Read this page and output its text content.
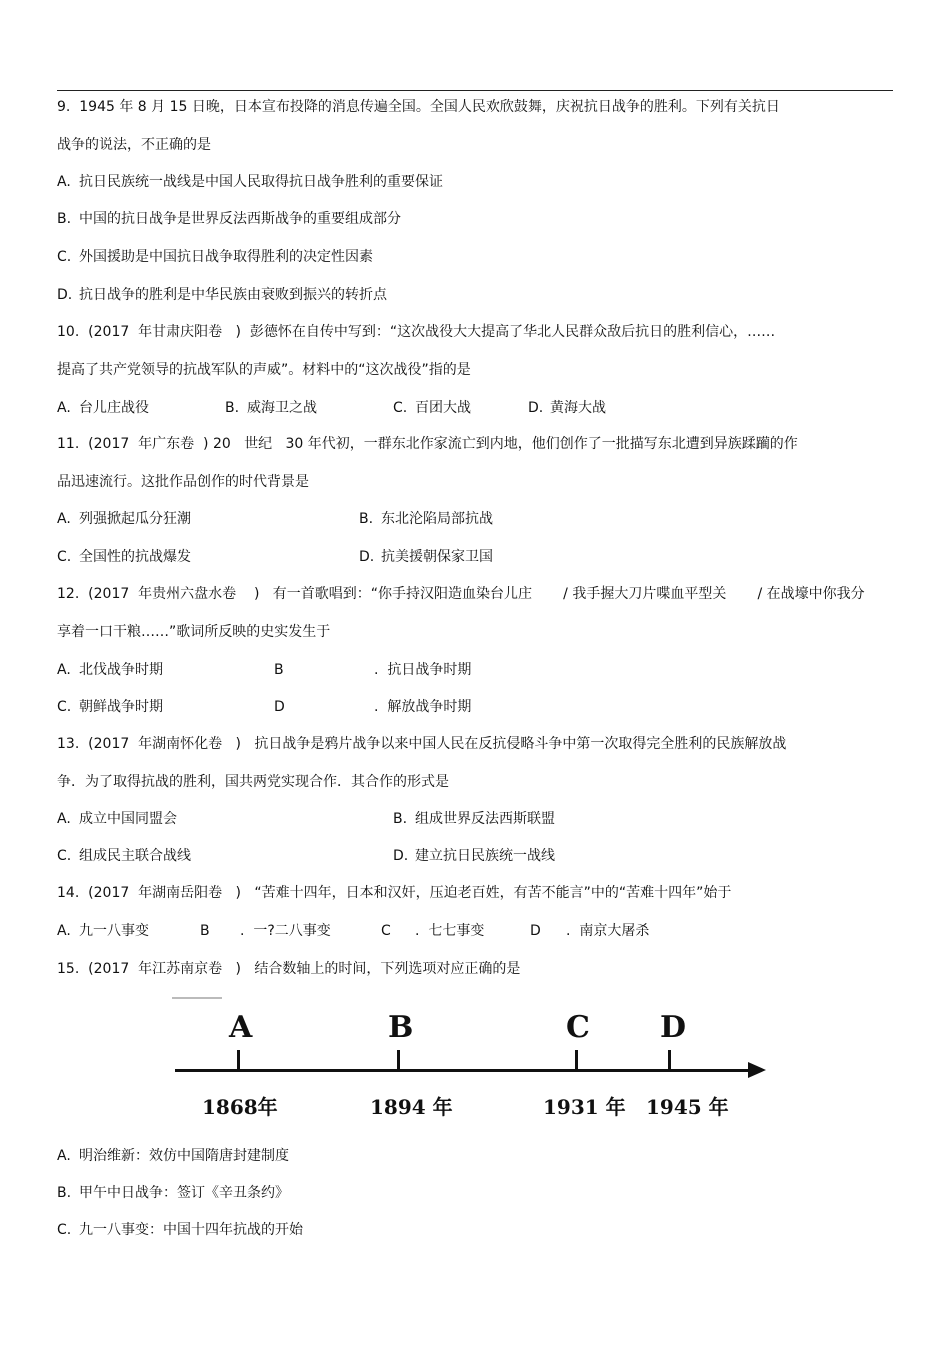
9.  1945 年 8 月 15 日晚，日本宣布投降的消息传遍全国。全国人民欢欣鼓舞，庆祝抗日战争的胜利。下列有关抗日
战争的说法，不正确的是
A. 抗日民族统一战线是中国人民取得抗日战争胜利的重要保证
B. 中国的抗日战争是世界反法西斯战争的重要组成部分
C. 外国援助是中国抗日战争取得胜利的决定性因素
D. 抗日战争的胜利是中华民族由衰败到振兴的转折点
10.  (2017  年甘肃庆阳卷   )  彭德怀在自传中写到：“这次战役大大提高了华北人民群众敌后抗日的胜利信心，……
提高了共产党领导的抗战军队的声威”。材料中的“这次战役”指的是
A. 台儿庄战役	B. 威海卫之战	C. 百团大战	D. 黄海大战
11.  (2017  年广东卷  ) 20   世纪   30 年代初，一群东北作家流亡到内地，他们创作了一批描写东北遭到异族蹂躏的作
品迅速流行。这批作品创作的时代背景是
A. 列强掀起瓜分狂潮	B. 东北沦陷局部抗战
C. 全国性的抗战爆发	D. 抗美援朝保家卫国
12.  (2017  年贵州六盘水卷    )   有一首歌唱到：“你手持汉阳造血染台儿庄       / 我手握大刀片喋血平型关       / 在战壕中你我分
享着一口干粮……”歌词所反映的史实发生于
A. 北伐战争时期	B	.  抗日战争时期
C. 朝鲜战争时期	D	.  解放战争时期
13.  (2017  年湖南怀化卷   )   抗日战争是鸦片战争以来中国人民在反抗侵略斗争中第一次取得完全胜利的民族解放战
争．为了取得抗战的胜利，国共两党实现合作．其合作的形式是
A. 成立中国同盟会	B. 组成世界反法西斯联盟
C. 组成民主联合战线	D. 建立抗日民族统一战线
14.  (2017  年湖南岳阳卷   )   “苦难十四年，日本和汉奸，压迫老百姓，有苦不能言”中的“苦难十四年”始于
A. 九一八事变	B .  一?二八事变	C .  七七事变	D .  南京大屠杀
15.  (2017  年江苏南京卷   )   结合数轴上的时间，下列选项对应正确的是
A
1868年
B
1894 年
C
1931 年
D
1945 年
A. 明治维新：效仿中国隋唐封建制度
B. 甲午中日战争：签订《辛丑条约》
C. 九一八事变：中国十四年抗战的开始
